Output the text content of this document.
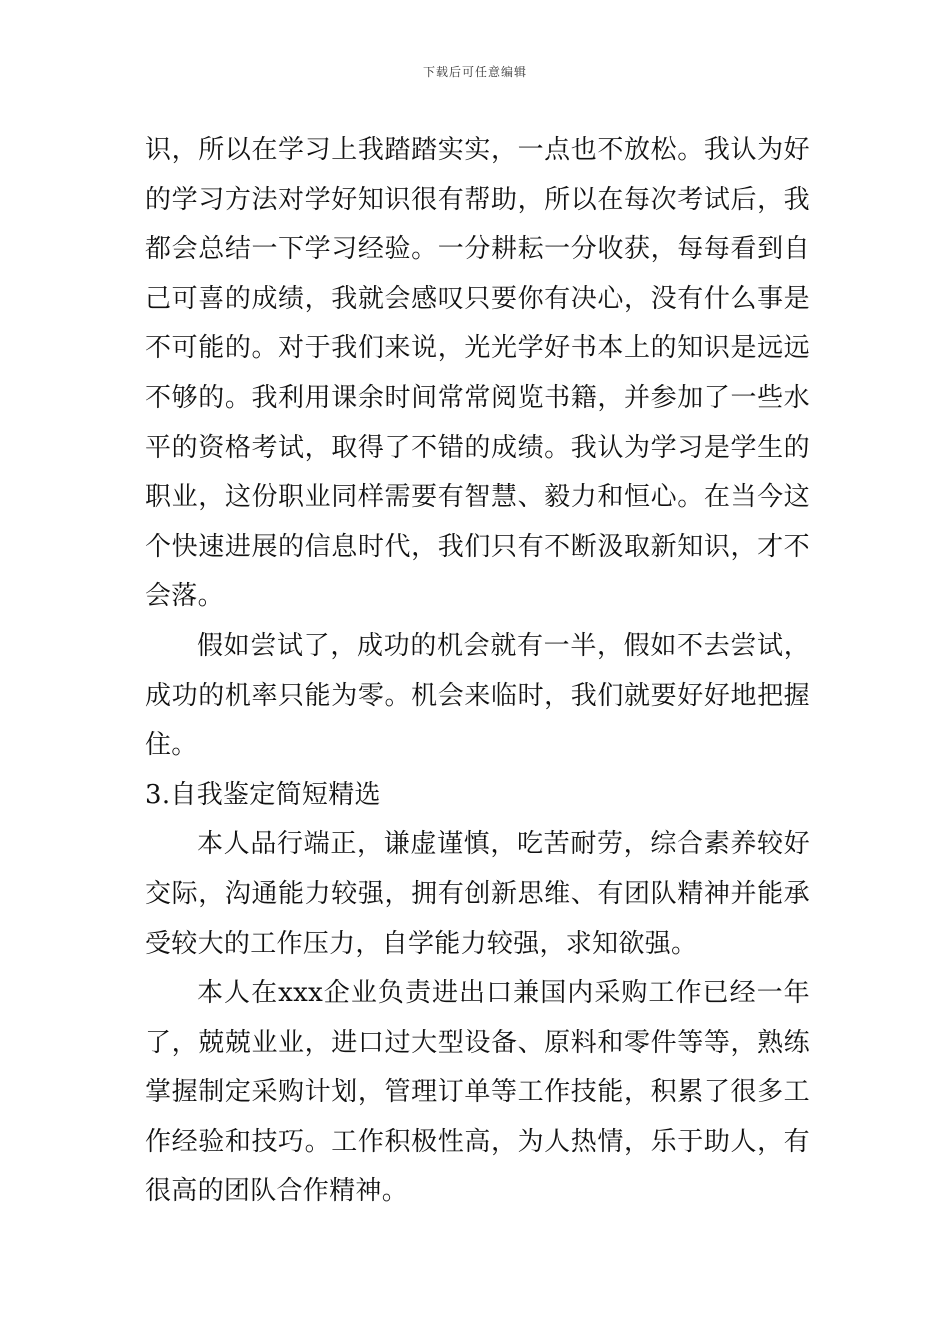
下载后可任意编辑

识，所以在学习上我踏踏实实，一点也不放松。我认为好的学习方法对学好知识很有帮助，所以在每次考试后，我都会总结一下学习经验。一分耕耘一分收获，每每看到自己可喜的成绩，我就会感叹只要你有决心，没有什么事是不可能的。对于我们来说，光光学好书本上的知识是远远不够的。我利用课余时间常常阅览书籍，并参加了一些水平的资格考试，取得了不错的成绩。我认为学习是学生的职业，这份职业同样需要有智慧、毅力和恒心。在当今这个快速进展的信息时代，我们只有不断汲取新知识，才不会落。

假如尝试了，成功的机会就有一半，假如不去尝试，成功的机率只能为零。机会来临时，我们就要好好地把握住。

3.自我鉴定简短精选

本人品行端正，谦虚谨慎，吃苦耐劳，综合素养较好交际，沟通能力较强，拥有创新思维、有团队精神并能承受较大的工作压力，自学能力较强，求知欲强。

本人在xxx企业负责进出口兼国内采购工作已经一年了，兢兢业业，进口过大型设备、原料和零件等等，熟练掌握制定采购计划，管理订单等工作技能，积累了很多工作经验和技巧。工作积极性高，为人热情，乐于助人，有很高的团队合作精神。
